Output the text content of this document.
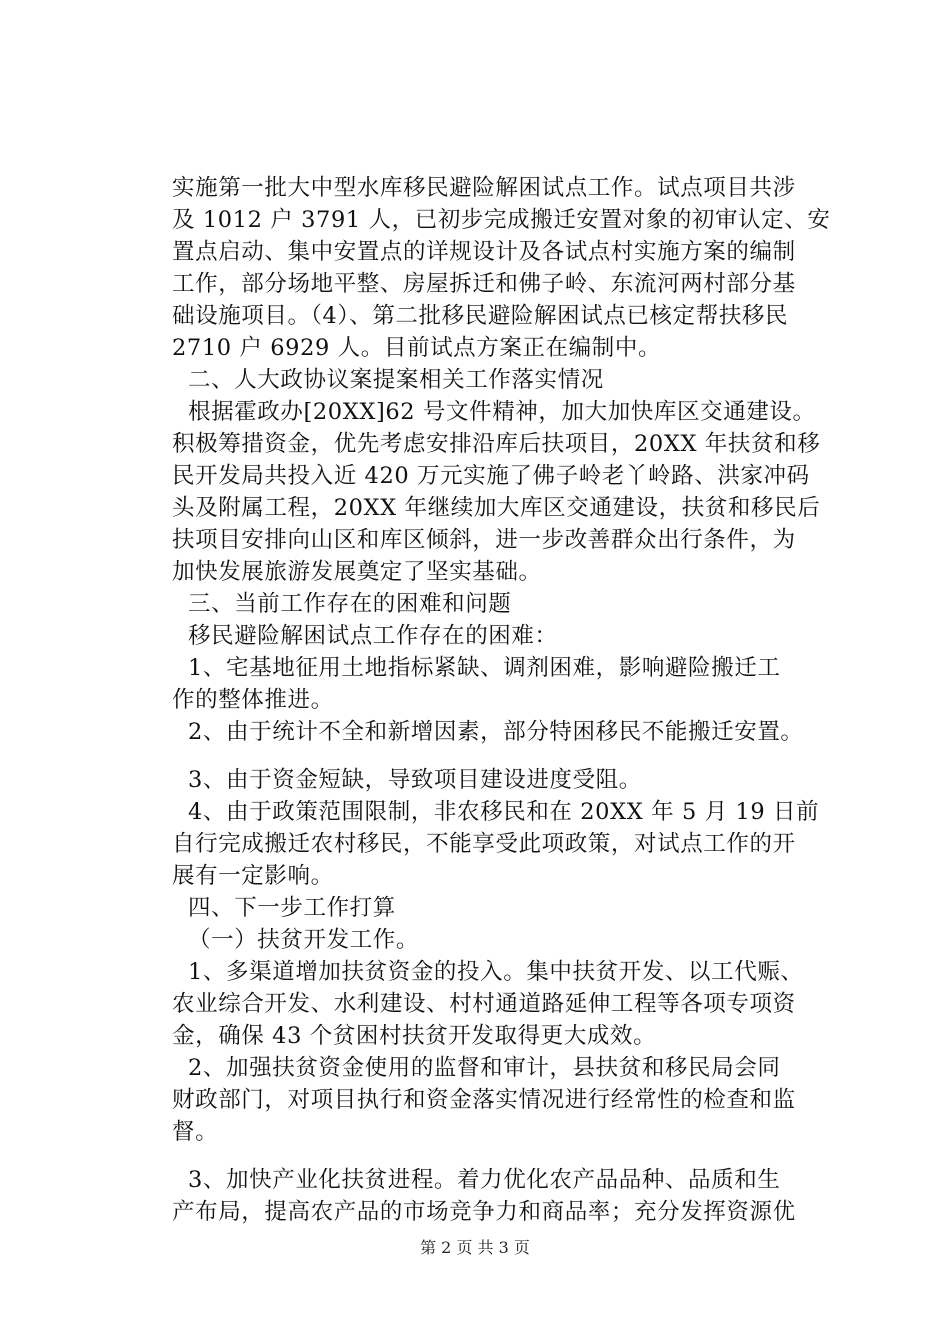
实施第一批大中型水库移民避险解困试点工作。试点项目共涉
及 1012 户 3791 人，已初步完成搬迁安置对象的初审认定、安
置点启动、集中安置点的详规设计及各试点村实施方案的编制
工作，部分场地平整、房屋拆迁和佛子岭、东流河两村部分基
础设施项目。（4）、第二批移民避险解困试点已核定帮扶移民
2710 户 6929 人。目前试点方案正在编制中。
二、人大政协议案提案相关工作落实情况
根据霍政办[20XX]62 号文件精神，加大加快库区交通建设。
积极筹措资金，优先考虑安排沿库后扶项目，20XX 年扶贫和移
民开发局共投入近 420 万元实施了佛子岭老丫岭路、洪家冲码
头及附属工程，20XX 年继续加大库区交通建设，扶贫和移民后
扶项目安排向山区和库区倾斜，进一步改善群众出行条件，为
加快发展旅游发展奠定了坚实基础。
三、当前工作存在的困难和问题
移民避险解困试点工作存在的困难：
1、宅基地征用土地指标紧缺、调剂困难，影响避险搬迁工
作的整体推进。
2、由于统计不全和新增因素，部分特困移民不能搬迁安置。
3、由于资金短缺，导致项目建设进度受阻。
4、由于政策范围限制，非农移民和在 20XX 年 5 月 19 日前
自行完成搬迁农村移民，不能享受此项政策，对试点工作的开
展有一定影响。
四、下一步工作打算
（一）扶贫开发工作。
1、多渠道增加扶贫资金的投入。集中扶贫开发、以工代赈、
农业综合开发、水利建设、村村通道路延伸工程等各项专项资
金，确保 43 个贫困村扶贫开发取得更大成效。
2、加强扶贫资金使用的监督和审计，县扶贫和移民局会同
财政部门，对项目执行和资金落实情况进行经常性的检查和监
督。
3、加快产业化扶贫进程。着力优化农产品品种、品质和生
产布局，提高农产品的市场竞争力和商品率；充分发挥资源优
第 2 页 共 3 页
